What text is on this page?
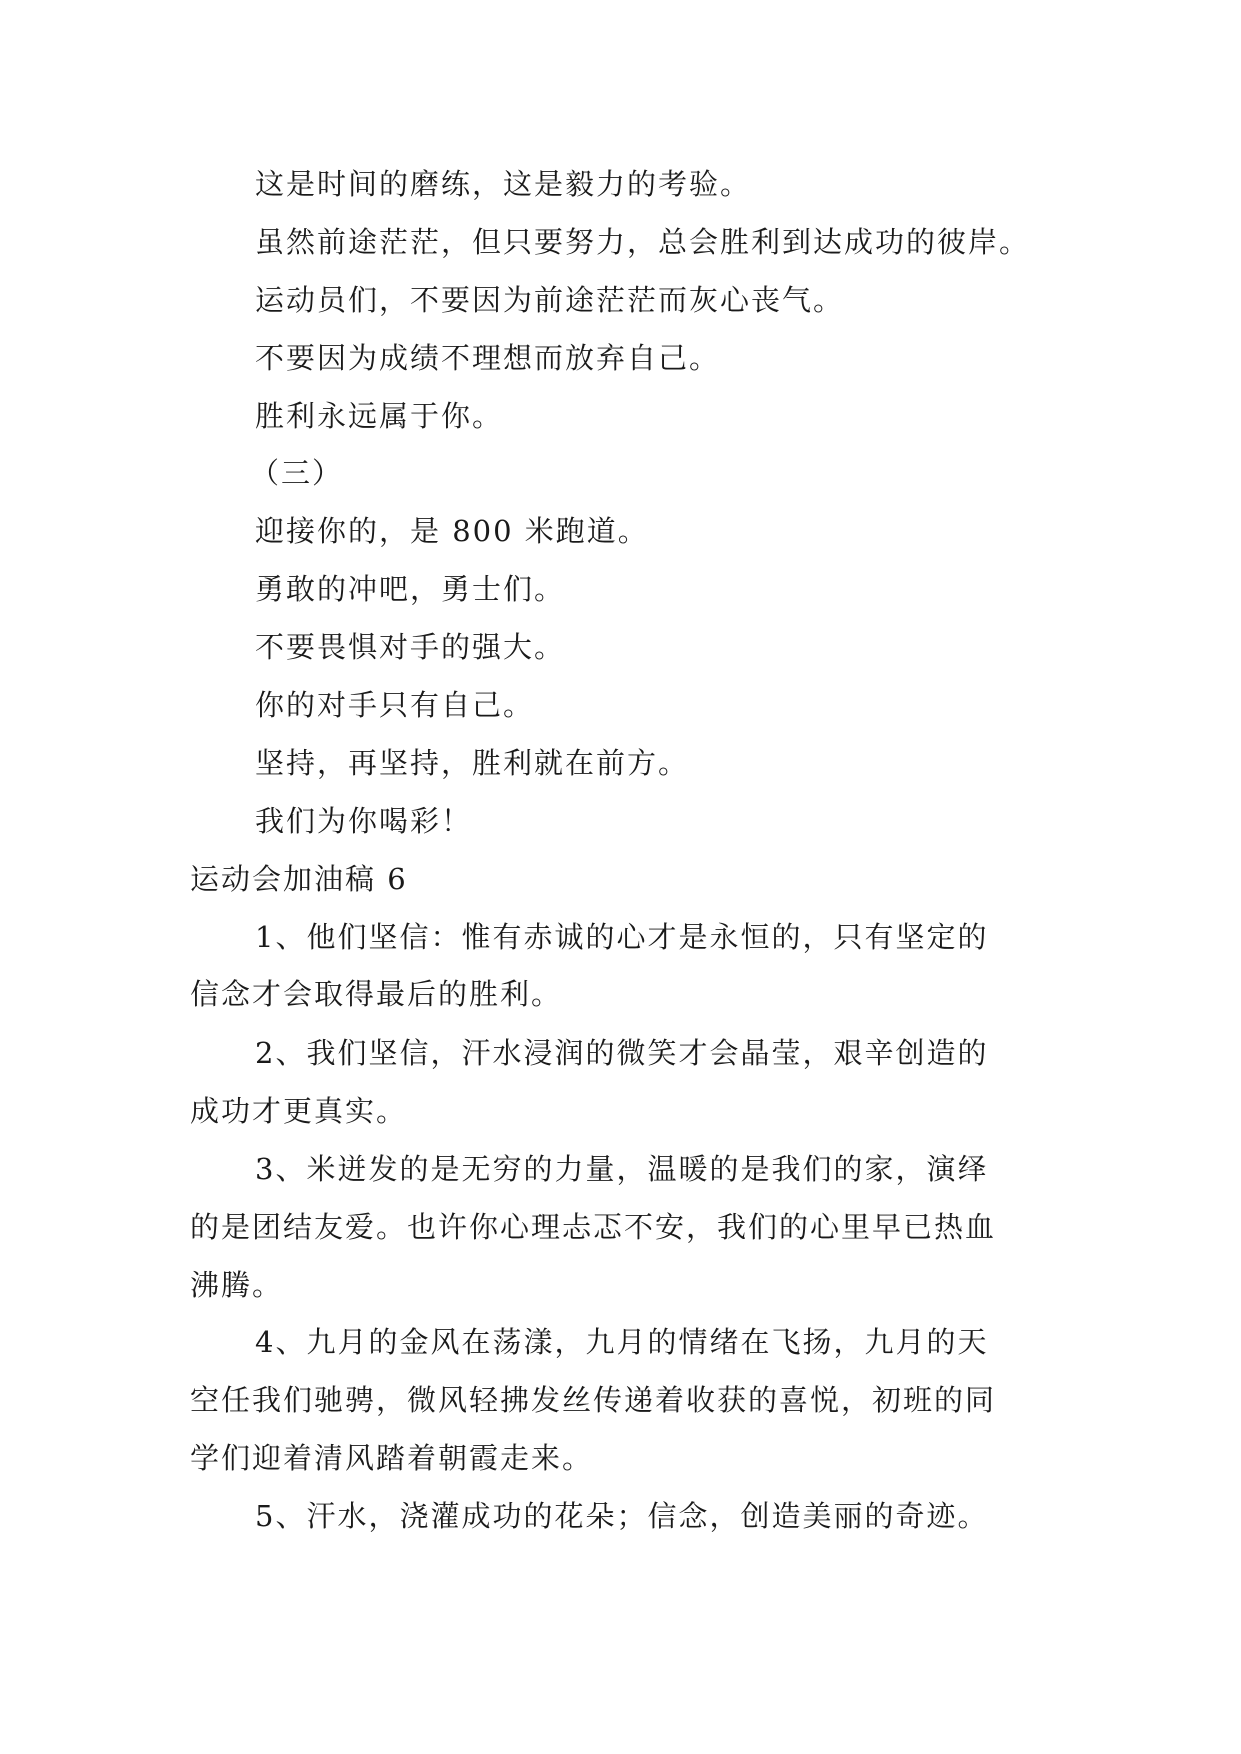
这是时间的磨练，这是毅力的考验。
虽然前途茫茫，但只要努力，总会胜利到达成功的彼岸。
运动员们，不要因为前途茫茫而灰心丧气。
不要因为成绩不理想而放弃自己。
胜利永远属于你。
（三）
迎接你的，是 800 米跑道。
勇敢的冲吧，勇士们。
不要畏惧对手的强大。
你的对手只有自己。
坚持，再坚持，胜利就在前方。
我们为你喝彩！
运动会加油稿 6
1、他们坚信：惟有赤诚的心才是永恒的，只有坚定的
信念才会取得最后的胜利。
2、我们坚信，汗水浸润的微笑才会晶莹，艰辛创造的
成功才更真实。
3、米迸发的是无穷的力量，温暖的是我们的家，演绎
的是团结友爱。也许你心理忐忑不安，我们的心里早已热血
沸腾。
4、九月的金风在荡漾，九月的情绪在飞扬，九月的天
空任我们驰骋，微风轻拂发丝传递着收获的喜悦，初班的同
学们迎着清风踏着朝霞走来。
5、汗水，浇灌成功的花朵；信念，创造美丽的奇迹。
